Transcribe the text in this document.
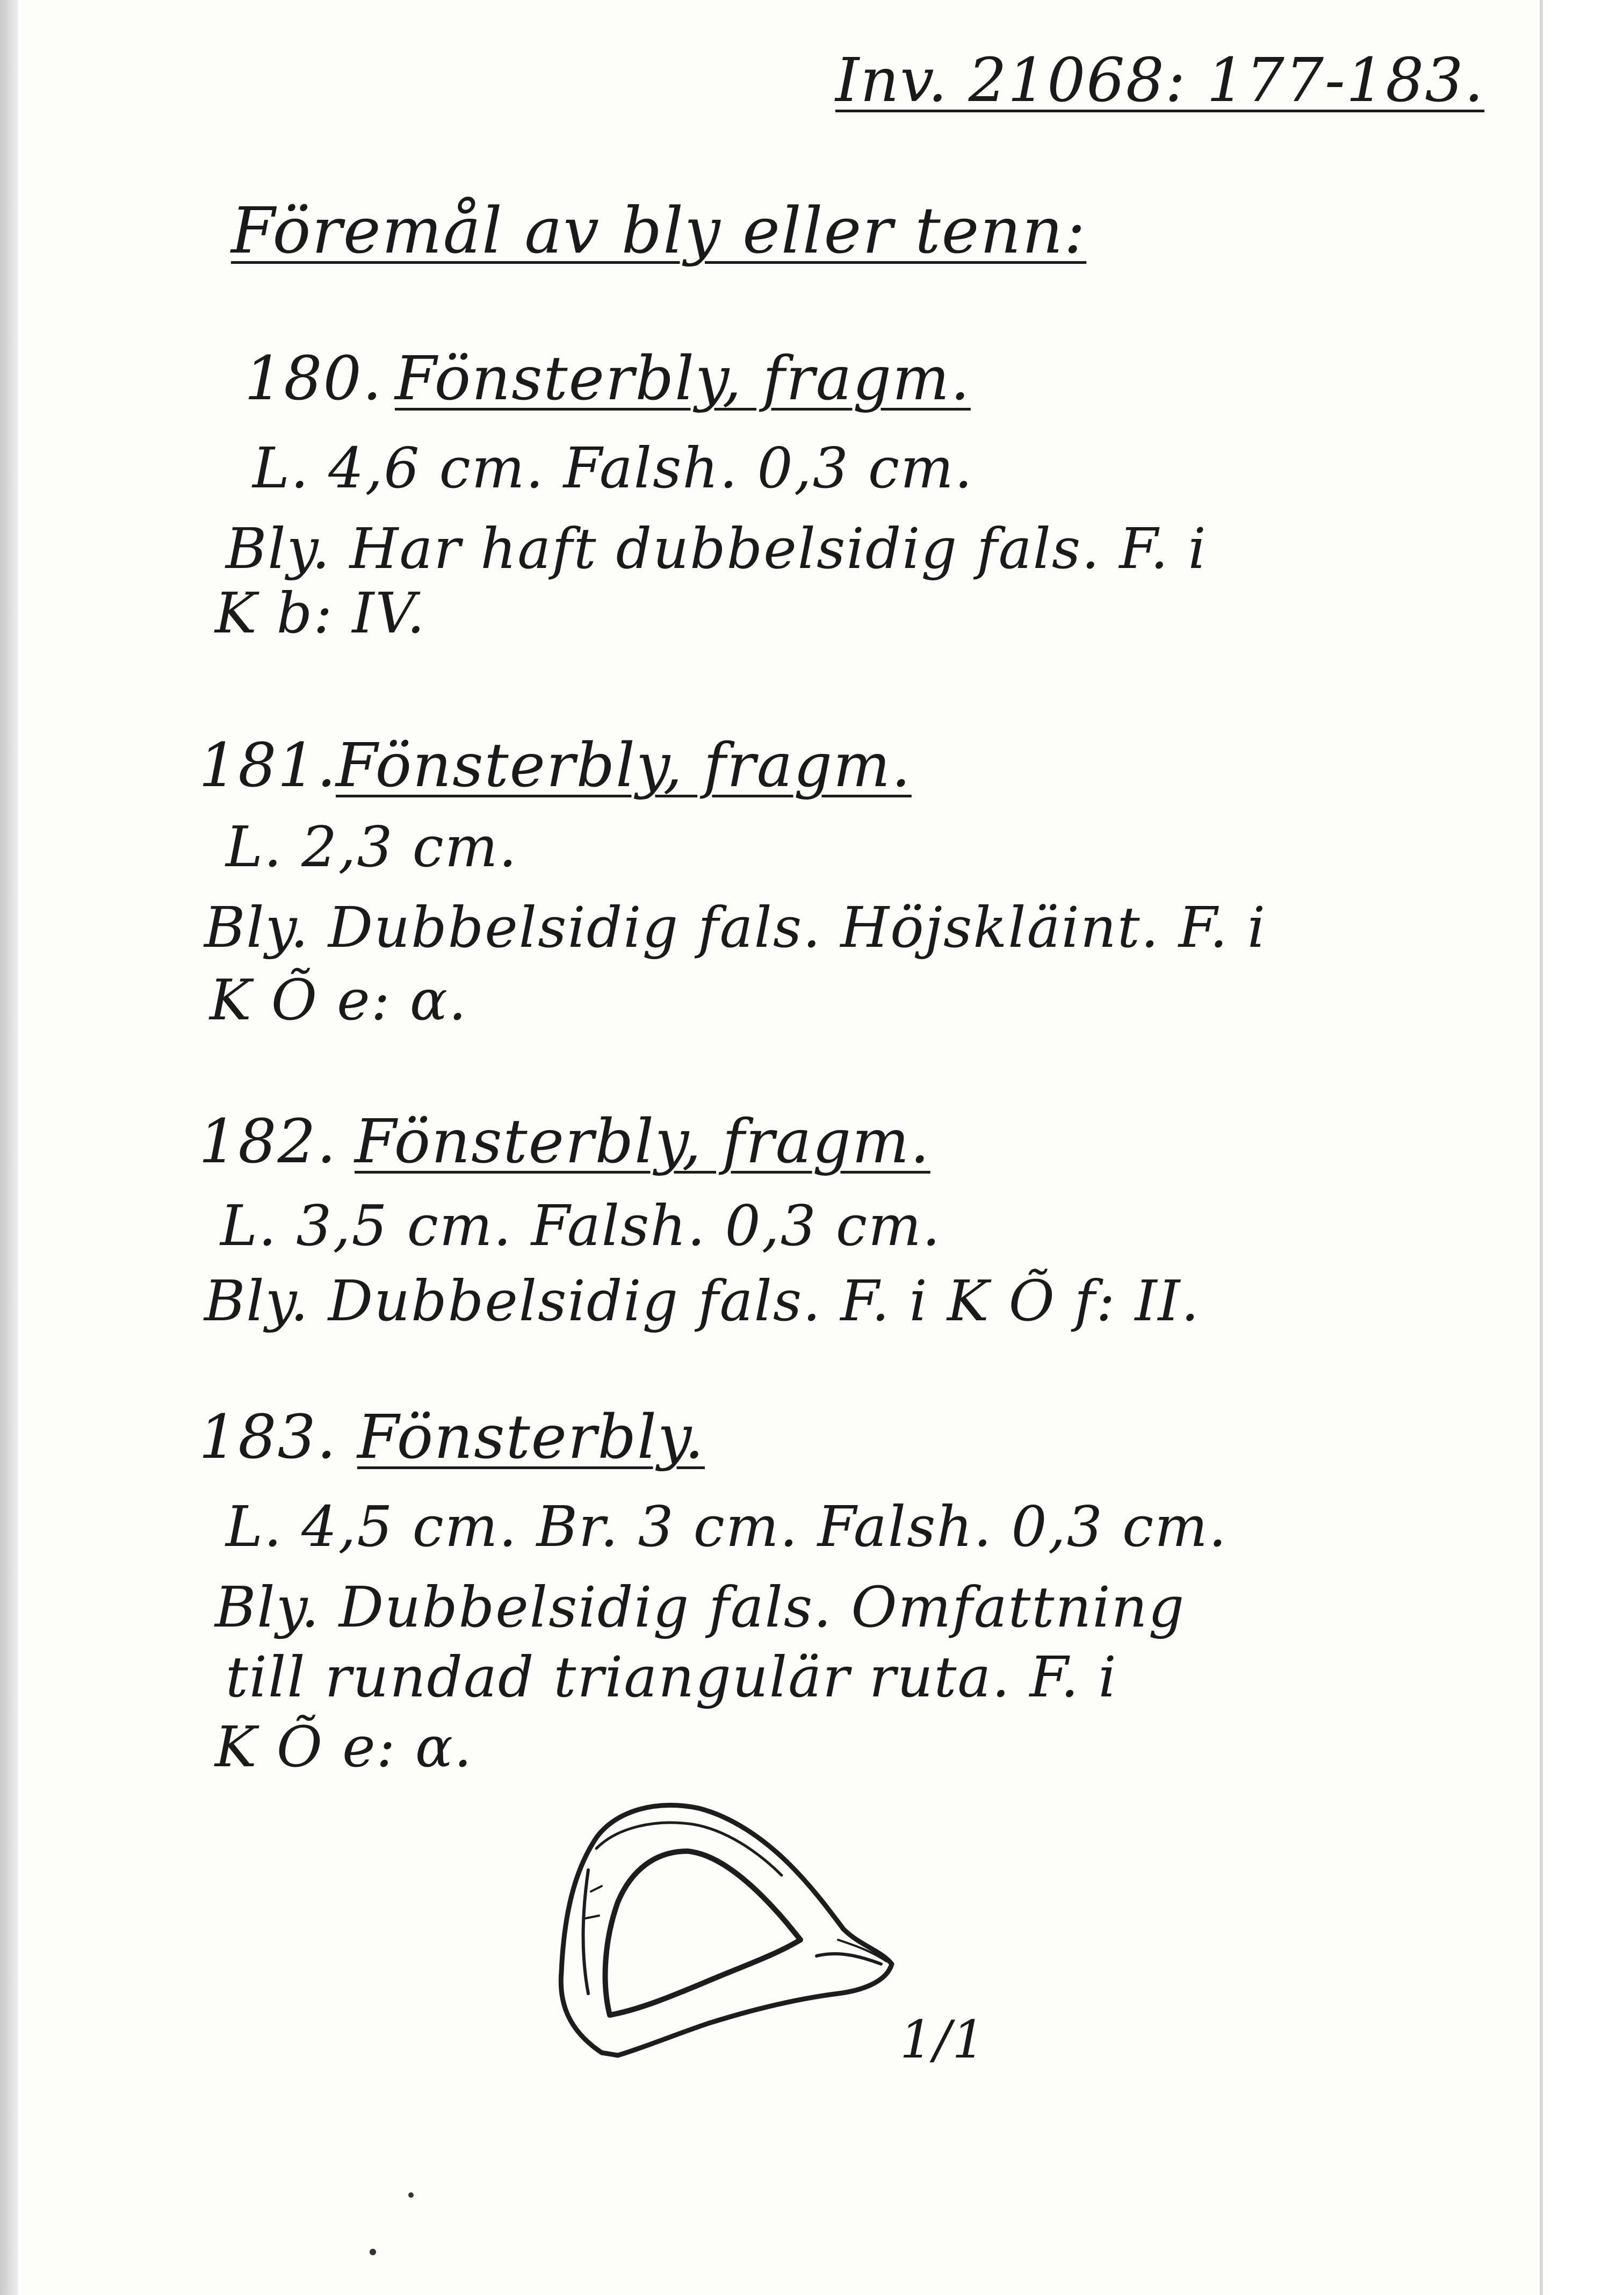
Inv. 21068: 177-183.
Föremål av bly eller tenn:
180. Fönsterbly, fragm.
L. 4,6 cm. Falsh. 0,3 cm.
Bly. Har haft dubbelsidig fals. F. i
K b: IV.
181.
Fönsterbly, fragm.
L. 2,3 cm.
Bly. Dubbelsidig fals. Höjskläint. F. i
K Õ e: α.
182. Fönsterbly, fragm.
L. 3,5 cm. Falsh. 0,3 cm.
Bly. Dubbelsidig fals. F. i K Õ f: II.
183. Fönsterbly.
L. 4,5 cm. Br. 3 cm. Falsh. 0,3 cm.
Bly. Dubbelsidig fals. Omfattning
till rundad triangulär ruta. F. i
K Õ e: α.
1/1
